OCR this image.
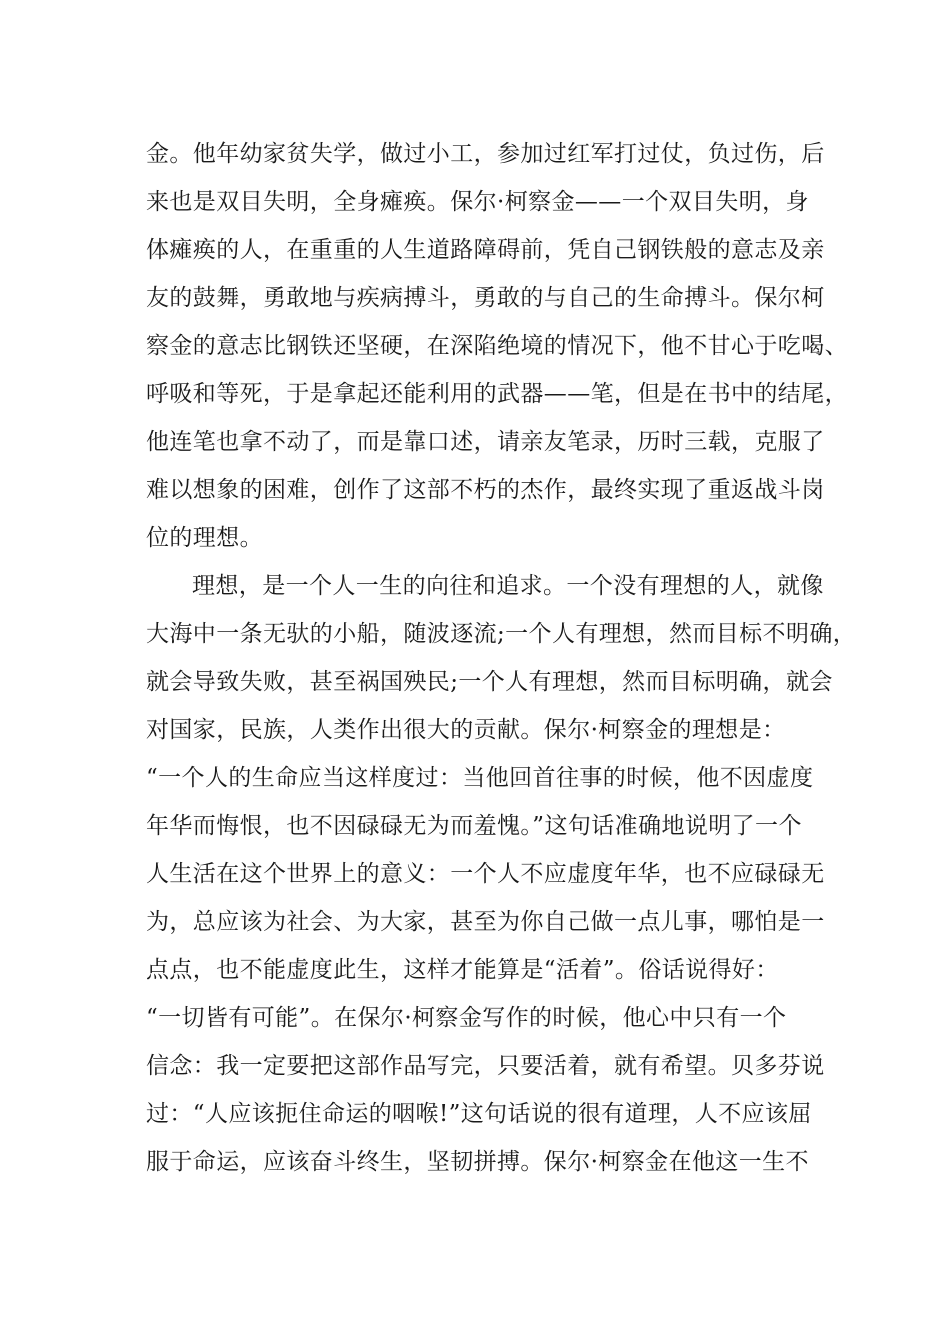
金。他年幼家贫失学，做过小工，参加过红军打过仗，负过伤，后
来也是双目失明，全身瘫痪。保尔·柯察金——一个双目失明，身
体瘫痪的人，在重重的人生道路障碍前，凭自己钢铁般的意志及亲
友的鼓舞，勇敢地与疾病搏斗，勇敢的与自己的生命搏斗。保尔柯
察金的意志比钢铁还坚硬，在深陷绝境的情况下，他不甘心于吃喝、
呼吸和等死，于是拿起还能利用的武器——笔，但是在书中的结尾，
他连笔也拿不动了，而是靠口述，请亲友笔录，历时三载，克服了
难以想象的困难，创作了这部不朽的杰作，最终实现了重返战斗岗
位的理想。
理想，是一个人一生的向往和追求。一个没有理想的人，就像
大海中一条无驮的小船，随波逐流;一个人有理想，然而目标不明确，
就会导致失败，甚至祸国殃民;一个人有理想，然而目标明确，就会
对国家，民族，人类作出很大的贡献。保尔·柯察金的理想是：
“一个人的生命应当这样度过：当他回首往事的时候，他不因虚度
年华而悔恨，也不因碌碌无为而羞愧。”这句话准确地说明了一个
人生活在这个世界上的意义：一个人不应虚度年华，也不应碌碌无
为，总应该为社会、为大家，甚至为你自己做一点儿事，哪怕是一
点点，也不能虚度此生，这样才能算是“活着”。俗话说得好：
“一切皆有可能”。在保尔·柯察金写作的时候，他心中只有一个
信念：我一定要把这部作品写完，只要活着，就有希望。贝多芬说
过：“人应该扼住命运的咽喉!”这句话说的很有道理，人不应该屈
服于命运，应该奋斗终生，坚韧拼搏。保尔·柯察金在他这一生不
